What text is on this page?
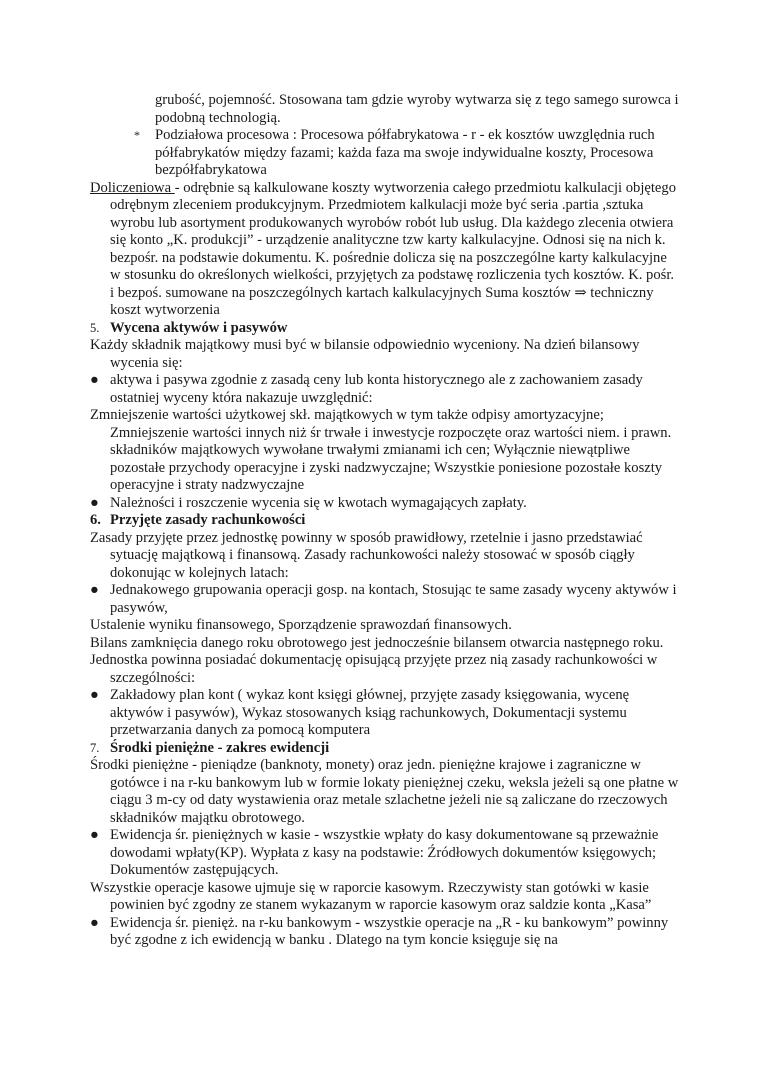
grubość, pojemność. Stosowana tam gdzie wyroby wytwarza się z tego samego surowca i podobną technologią.

* Podziałowa procesowa : Procesowa półfabrykatowa - r - ek kosztów uwzględnia ruch półfabrykatów między fazami; każda faza ma swoje indywidualne koszty, Procesowa bezpółfabrykatowa

Doliczeniowa - odrębnie są kalkulowane koszty wytworzenia całego przedmiotu kalkulacji objętego odrębnym zleceniem produkcyjnym. Przedmiotem kalkulacji może być seria .partia ,sztuka wyrobu lub asortyment produkowanych wyrobów robót lub usług. Dla każdego zlecenia otwiera się konto „K. produkcji” - urządzenie analityczne tzw karty kalkulacyjne. Odnosi się na nich k. bezpośr. na podstawie dokumentu. K. pośrednie dolicza się na poszczególne karty kalkulacyjne w stosunku do określonych wielkości, przyjętych za podstawę rozliczenia tych kosztów. K. pośr. i bezpoś. sumowane na poszczególnych kartach kalkulacyjnych Suma kosztów ⇒ techniczny koszt wytworzenia

5. Wycena aktywów i pasywów

Każdy składnik majątkowy musi być w bilansie odpowiednio wyceniony. Na dzień bilansowy wycenia się:

● aktywa i pasywa zgodnie z zasadą ceny lub konta historycznego ale z zachowaniem zasady ostatniej wyceny która nakazuje uwzględnić:

Zmniejszenie wartości użytkowej skł. majątkowych w tym także odpisy amortyzacyjne; Zmniejszenie wartości innych niż śr trwałe i inwestycje rozpoczęte oraz wartości niem. i prawn. składników majątkowych wywołane trwałymi zmianami ich cen; Wyłącznie niewątpliwe pozostałe przychody operacyjne i zyski nadzwyczajne; Wszystkie poniesione pozostałe koszty operacyjne i straty nadzwyczajne

● Należności i roszczenie wycenia się w kwotach wymagających zapłaty.

6. Przyjęte zasady rachunkowości

Zasady przyjęte przez jednostkę powinny w sposób prawidłowy, rzetelnie i jasno przedstawiać sytuację majątkową i finansową. Zasady rachunkowości należy stosować w sposób ciągły dokonując w kolejnych latach:

● Jednakowego grupowania operacji gosp. na kontach, Stosując te same zasady wyceny aktywów i pasywów,

Ustalenie wyniku finansowego, Sporządzenie sprawozdań finansowych.

Bilans zamknięcia danego roku obrotowego jest jednocześnie bilansem otwarcia następnego roku.

Jednostka powinna posiadać dokumentację opisującą przyjęte przez nią zasady rachunkowości w szczególności:

● Zakładowy plan kont ( wykaz kont księgi głównej, przyjęte zasady księgowania, wycenę aktywów i pasywów), Wykaz stosowanych ksiąg rachunkowych, Dokumentacji systemu przetwarzania danych za pomocą komputera

7. Środki pieniężne - zakres ewidencji

Środki pieniężne - pieniądze (banknoty, monety) oraz jedn. pieniężne krajowe i zagraniczne w gotówce i na r-ku bankowym lub w formie lokaty pieniężnej czeku, weksla jeżeli są one płatne w ciągu 3 m-cy od daty wystawienia oraz metale szlachetne jeżeli nie są zaliczane do rzeczowych składników majątku obrotowego.

● Ewidencja śr. pieniężnych w kasie - wszystkie wpłaty do kasy dokumentowane są przeważnie dowodami wpłaty(KP). Wypłata z kasy na podstawie: Źródłowych dokumentów księgowych; Dokumentów zastępujących.

Wszystkie operacje kasowe ujmuje się w raporcie kasowym. Rzeczywisty stan gotówki w kasie powinien być zgodny ze stanem wykazanym w raporcie kasowym oraz saldzie konta „Kasa”

● Ewidencja śr. pienięż. na r-ku bankowym - wszystkie operacje na „R - ku bankowym” powinny być zgodne z ich ewidencją w banku . Dlatego na tym koncie księguje się na
